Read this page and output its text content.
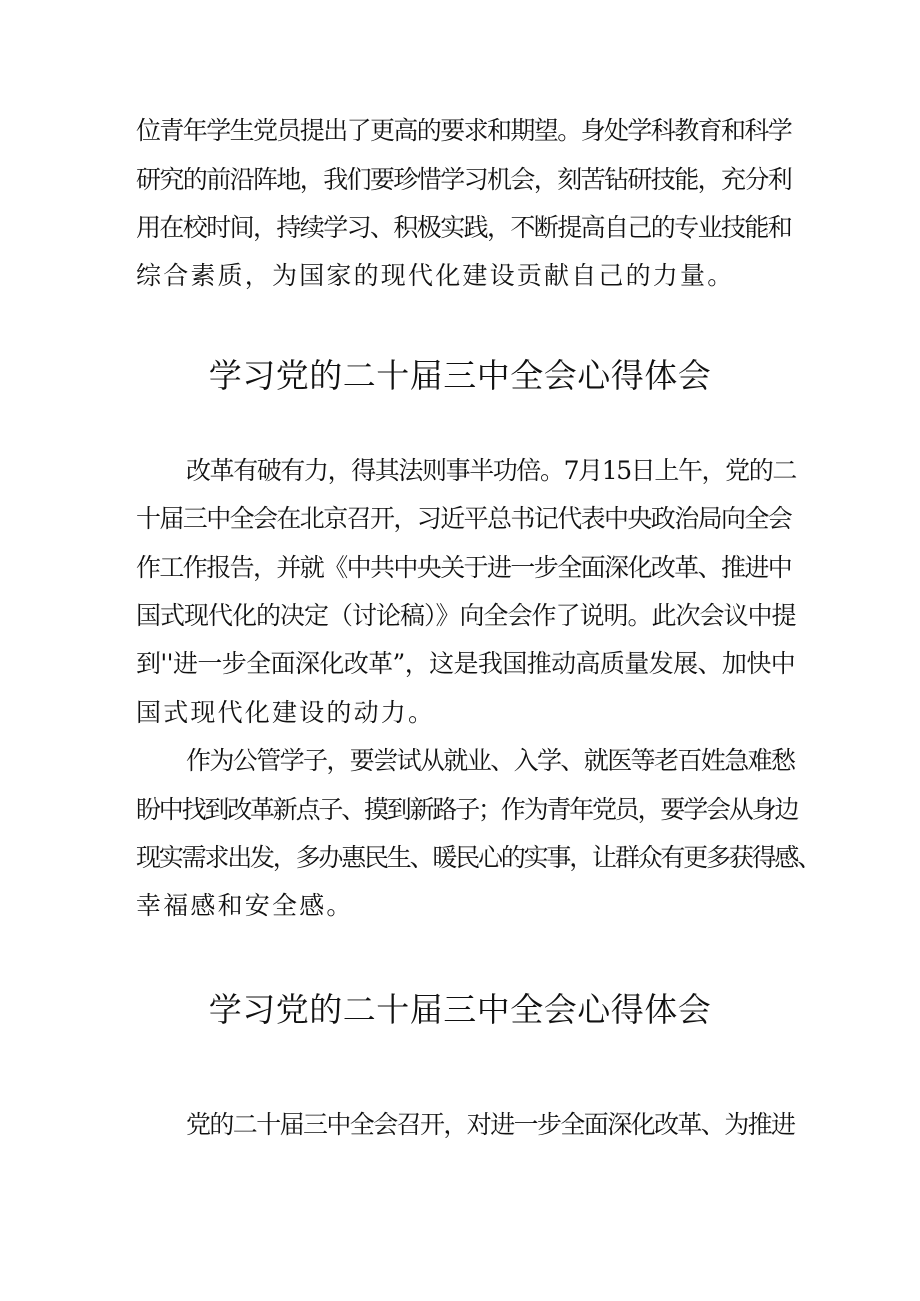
位青年学生党员提出了更高的要求和期望。身处学科教育和科学
研究的前沿阵地，我们要珍惜学习机会，刻苦钻研技能，充分利
用在校时间，持续学习、积极实践，不断提高自己的专业技能和
综合素质，为国家的现代化建设贡献自己的力量。
学习党的二十届三中全会心得体会
改革有破有力，得其法则事半功倍。7月15日上午，党的二
十届三中全会在北京召开，习近平总书记代表中央政治局向全会
作工作报告，并就《中共中央关于进一步全面深化改革、推进中
国式现代化的决定（讨论稿）》向全会作了说明。此次会议中提
到''进一步全面深化改革”，这是我国推动高质量发展、加快中
国式现代化建设的动力。
作为公管学子，要尝试从就业、入学、就医等老百姓急难愁
盼中找到改革新点子、摸到新路子；作为青年党员，要学会从身边
现实需求出发，多办惠民生、暖民心的实事，让群众有更多获得感、
幸福感和安全感。
学习党的二十届三中全会心得体会
党的二十届三中全会召开，对进一步全面深化改革、为推进
